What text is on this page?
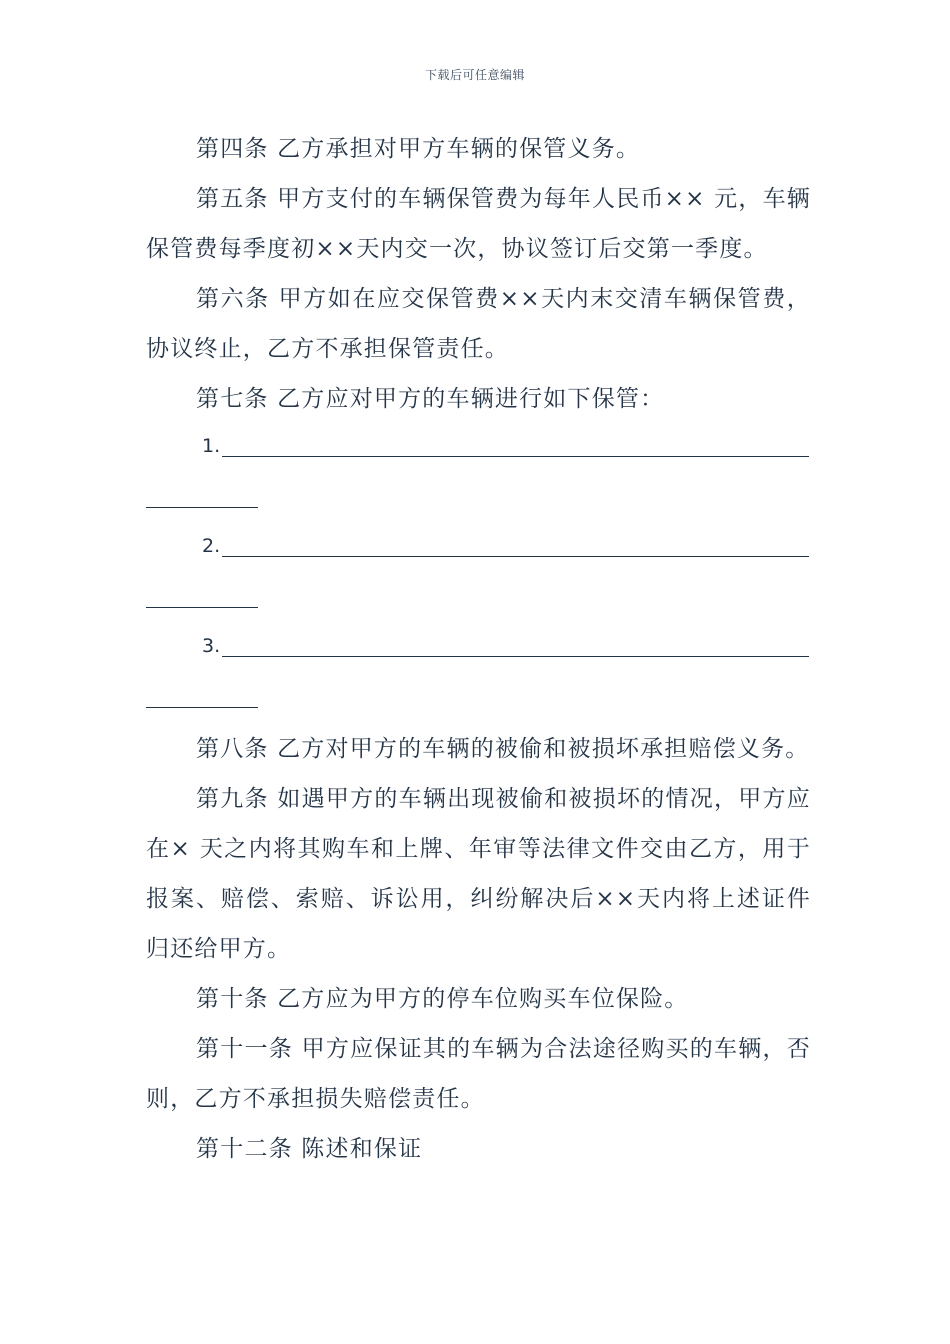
下载后可任意编辑

第四条 乙方承担对甲方车辆的保管义务。

第五条 甲方支付的车辆保管费为每年人民币×× 元，车辆保管费每季度初××天内交一次，协议签订后交第一季度。

第六条 甲方如在应交保管费××天内末交清车辆保管费，协议终止，乙方不承担保管责任。

第七条 乙方应对甲方的车辆进行如下保管：

1.
2.
3.

第八条 乙方对甲方的车辆的被偷和被损坏承担赔偿义务。

第九条 如遇甲方的车辆出现被偷和被损坏的情况，甲方应在× 天之内将其购车和上牌、年审等法律文件交由乙方，用于报案、赔偿、索赔、诉讼用，纠纷解决后××天内将上述证件归还给甲方。

第十条 乙方应为甲方的停车位购买车位保险。

第十一条 甲方应保证其的车辆为合法途径购买的车辆，否则，乙方不承担损失赔偿责任。

第十二条 陈述和保证
